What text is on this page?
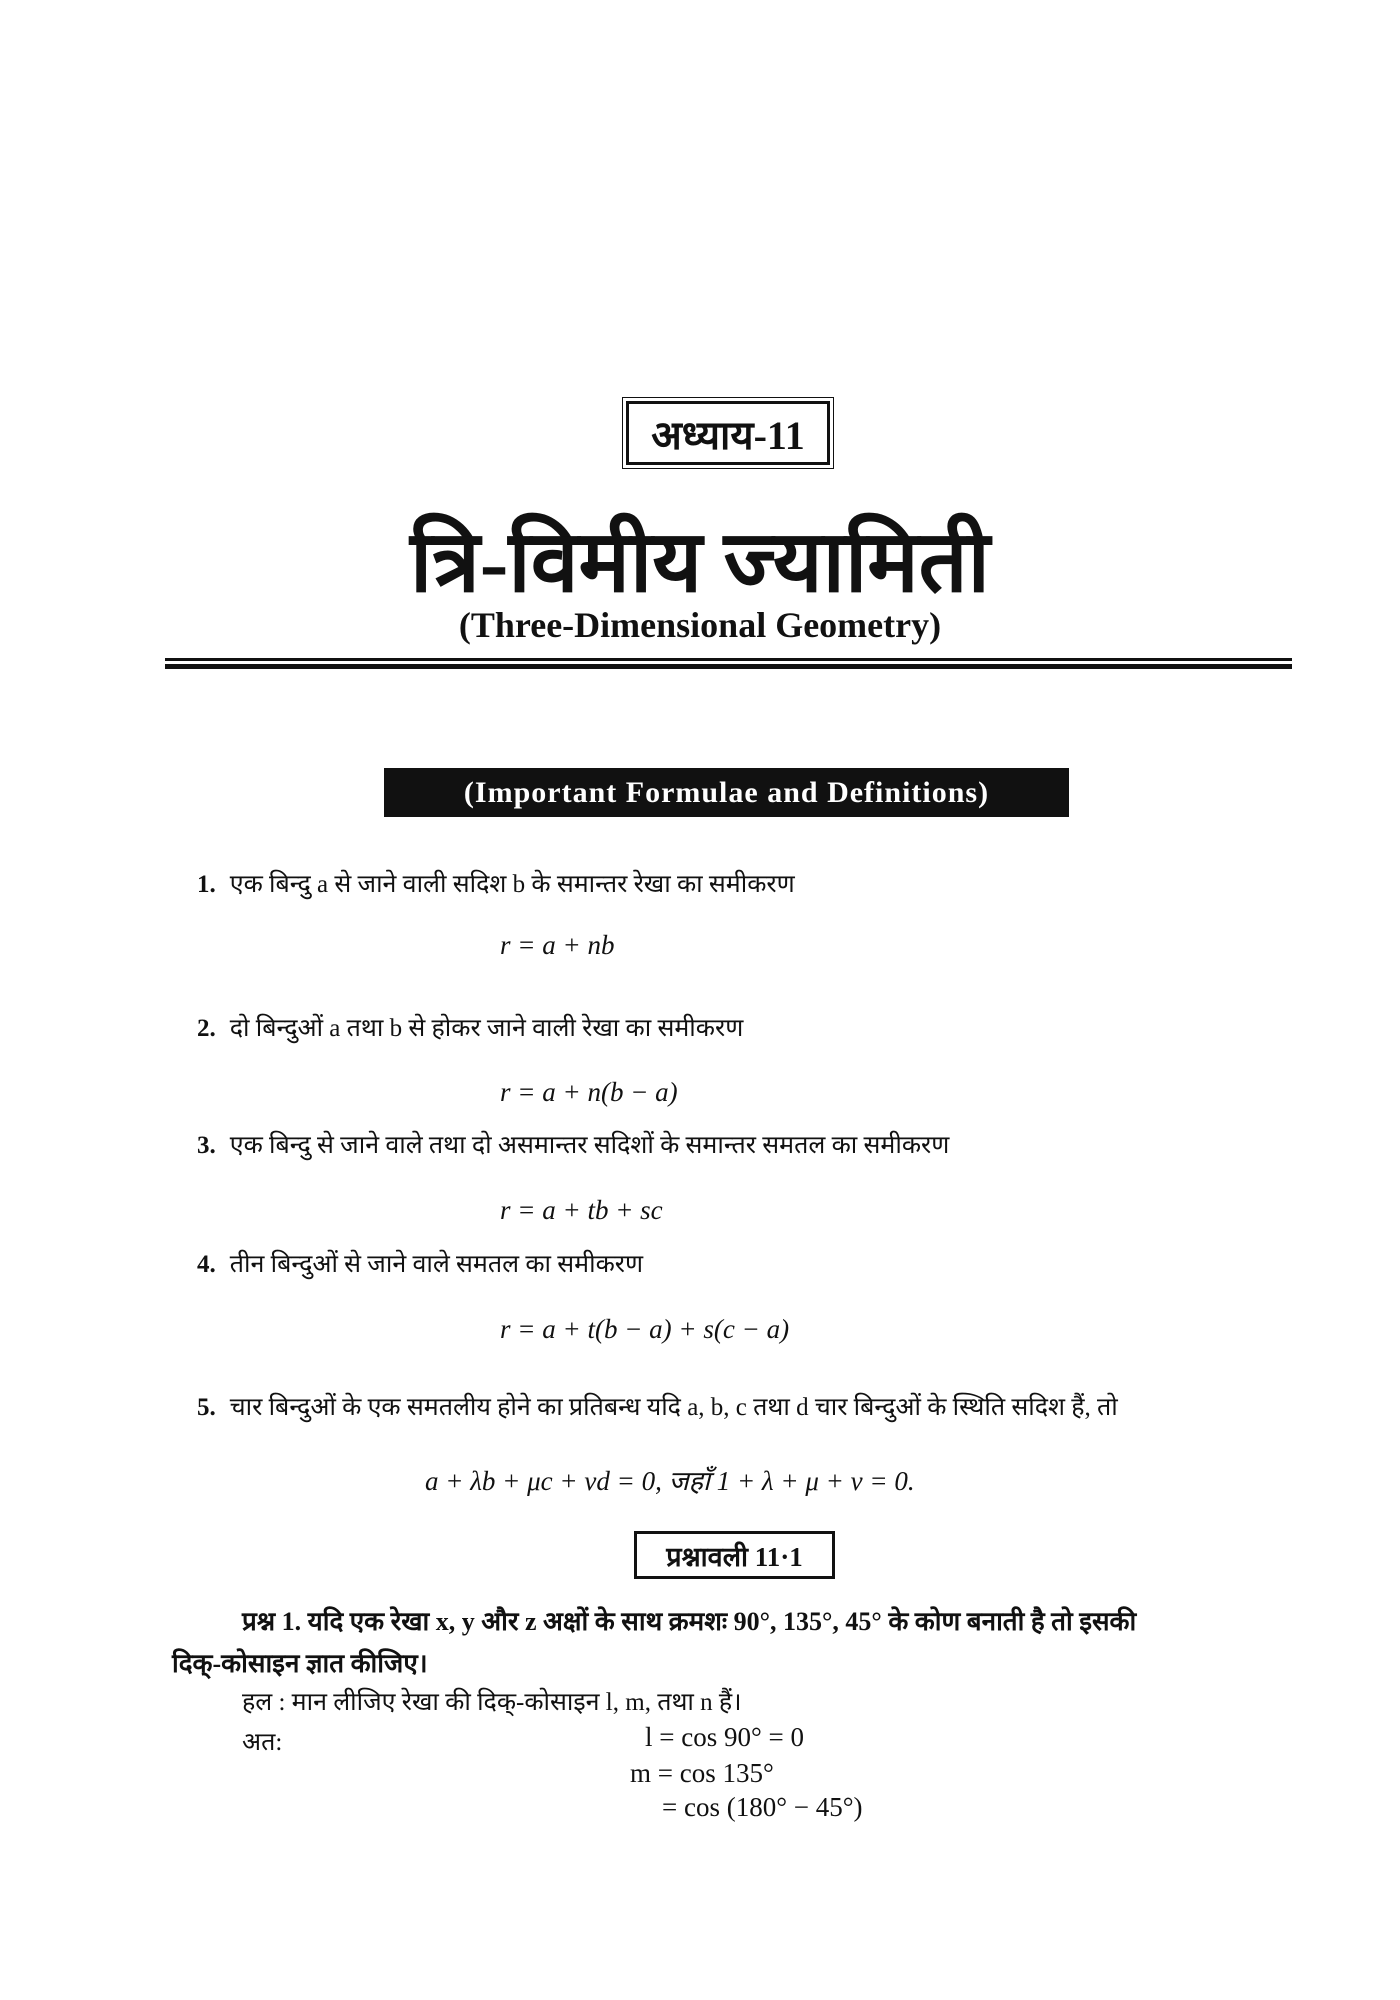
अध्याय-11
त्रि-विमीय ज्यामिती
(Three-Dimensional Geometry)
(Important Formulae and Definitions)
1. एक बिन्दु a से जाने वाली सदिश b के समान्तर रेखा का समीकरण
r = a + nb
2. दो बिन्दुओं a तथा b से होकर जाने वाली रेखा का समीकरण
r = a + n(b − a)
3. एक बिन्दु से जाने वाले तथा दो असमान्तर सदिशों के समान्तर समतल का समीकरण
r = a + tb + sc
4. तीन बिन्दुओं से जाने वाले समतल का समीकरण
r = a + t(b − a) + s(c − a)
5. चार बिन्दुओं के एक समतलीय होने का प्रतिबन्ध यदि a, b, c तथा d चार बिन्दुओं के स्थिति सदिश हैं, तो
a + λb + μc + νd = 0, जहाँ 1 + λ + μ + ν = 0.
प्रश्नावली 11·1
प्रश्न 1. यदि एक रेखा x, y और z अक्षों के साथ क्रमशः 90°, 135°, 45° के कोण बनाती है तो इसकी
दिक्-कोसाइन ज्ञात कीजिए।
हल : मान लीजिए रेखा की दिक्-कोसाइन l, m, तथा n हैं।
अत:	l = cos 90° = 0
m = cos 135°
= cos (180° − 45°)
